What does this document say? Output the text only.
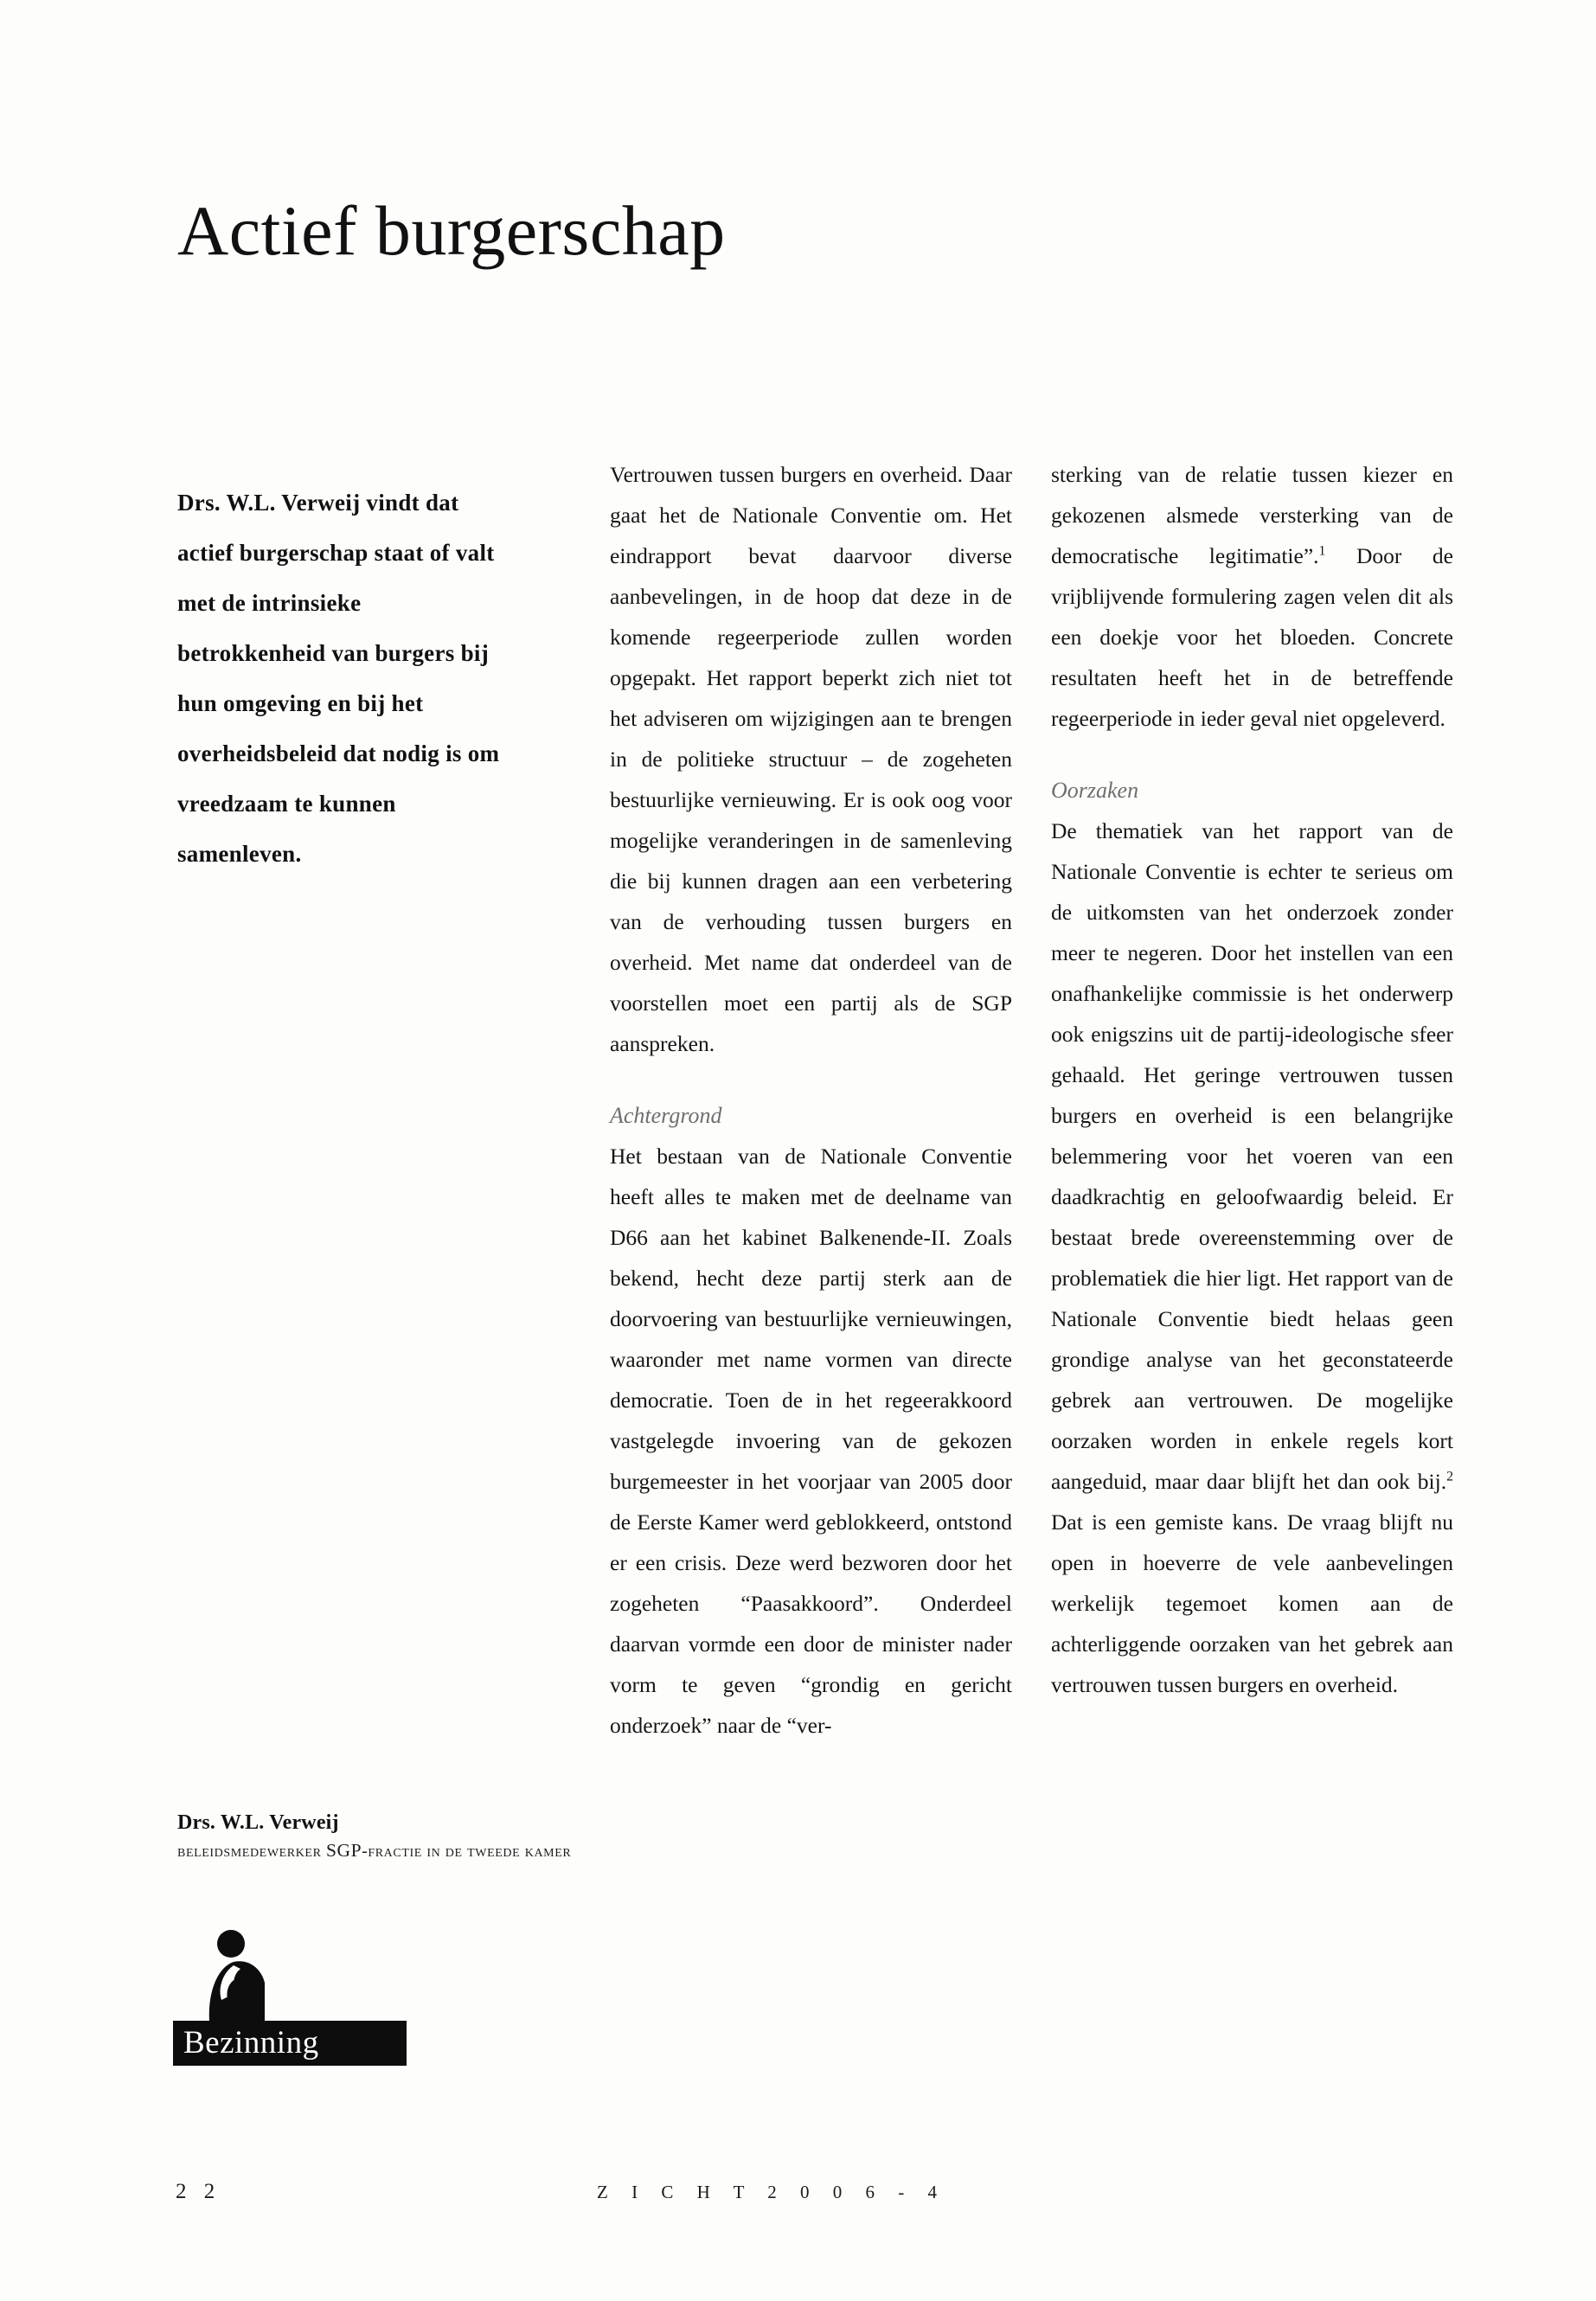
Actief burgerschap

Drs. W.L. Verweij vindt dat actief burgerschap staat of valt met de intrinsieke betrokkenheid van burgers bij hun omgeving en bij het overheidsbeleid dat nodig is om vreedzaam te kunnen samenleven.

Vertrouwen tussen burgers en overheid. Daar gaat het de Nationale Conventie om. Het eindrapport bevat daarvoor diverse aanbevelingen, in de hoop dat deze in de komende regeerperiode zullen worden opgepakt. Het rapport beperkt zich niet tot het adviseren om wijzigingen aan te brengen in de politieke structuur – de zogeheten bestuurlijke vernieuwing. Er is ook oog voor mogelijke veranderingen in de samenleving die bij kunnen dragen aan een verbetering van de verhouding tussen burgers en overheid. Met name dat onderdeel van de voorstellen moet een partij als de SGP aanspreken.

Achtergrond

Het bestaan van de Nationale Conventie heeft alles te maken met de deelname van D66 aan het kabinet Balkenende-II. Zoals bekend, hecht deze partij sterk aan de doorvoering van bestuurlijke vernieuwingen, waaronder met name vormen van directe democratie. Toen de in het regeerakkoord vastgelegde invoering van de gekozen burgemeester in het voorjaar van 2005 door de Eerste Kamer werd geblokkeerd, ontstond er een crisis. Deze werd bezworen door het zogeheten “Paasakkoord”. Onderdeel daarvan vormde een door de minister nader vorm te geven “grondig en gericht onderzoek” naar de “ver-

sterking van de relatie tussen kiezer en gekozenen alsmede versterking van de democratische legitimatie”.$^1$ Door de vrijblijvende formulering zagen velen dit als een doekje voor het bloeden. Concrete resultaten heeft het in de betreffende regeerperiode in ieder geval niet opgeleverd.

Oorzaken

De thematiek van het rapport van de Nationale Conventie is echter te serieus om de uitkomsten van het onderzoek zonder meer te negeren. Door het instellen van een onafhankelijke commissie is het onderwerp ook enigszins uit de partij-ideologische sfeer gehaald. Het geringe vertrouwen tussen burgers en overheid is een belangrijke belemmering voor het voeren van een daadkrachtig en geloofwaardig beleid. Er bestaat brede overeenstemming over de problematiek die hier ligt. Het rapport van de Nationale Conventie biedt helaas geen grondige analyse van het geconstateerde gebrek aan vertrouwen. De mogelijke oorzaken worden in enkele regels kort aangeduid, maar daar blijft het dan ook bij.$^2$ Dat is een gemiste kans. De vraag blijft nu open in hoeverre de vele aanbevelingen werkelijk tegemoet komen aan de achterliggende oorzaken van het gebrek aan vertrouwen tussen burgers en overheid.

Drs. W.L. Verweij
beleidsmedewerker SGP-fractie in de tweede kamer
Bezinning
2 2	Z I C H T 2 0 0 6 - 4
